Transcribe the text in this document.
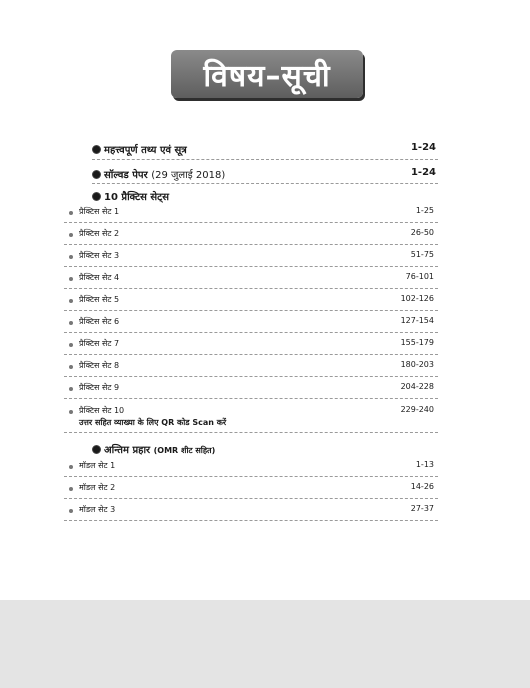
विषय–सूची
महत्त्वपूर्ण तथ्य एवं सूत्र	1-24
सॉल्वड पेपर (29 जुलाई 2018)	1-24
10 प्रैक्टिस सेट्स
प्रैक्टिस सेट 1	1-25
प्रैक्टिस सेट 2	26-50
प्रैक्टिस सेट 3	51-75
प्रैक्टिस सेट 4	76-101
प्रैक्टिस सेट 5	102-126
प्रैक्टिस सेट 6	127-154
प्रैक्टिस सेट 7	155-179
प्रैक्टिस सेट 8	180-203
प्रैक्टिस सेट 9	204-228
प्रैक्टिस सेट 10	229-240
उत्तर सहित व्याख्या के लिए QR कोड Scan करें
अन्तिम प्रहार (OMR शीट सहित)
मॉडल सेट 1	1-13
मॉडल सेट 2	14-26
मॉडल सेट 3	27-37
